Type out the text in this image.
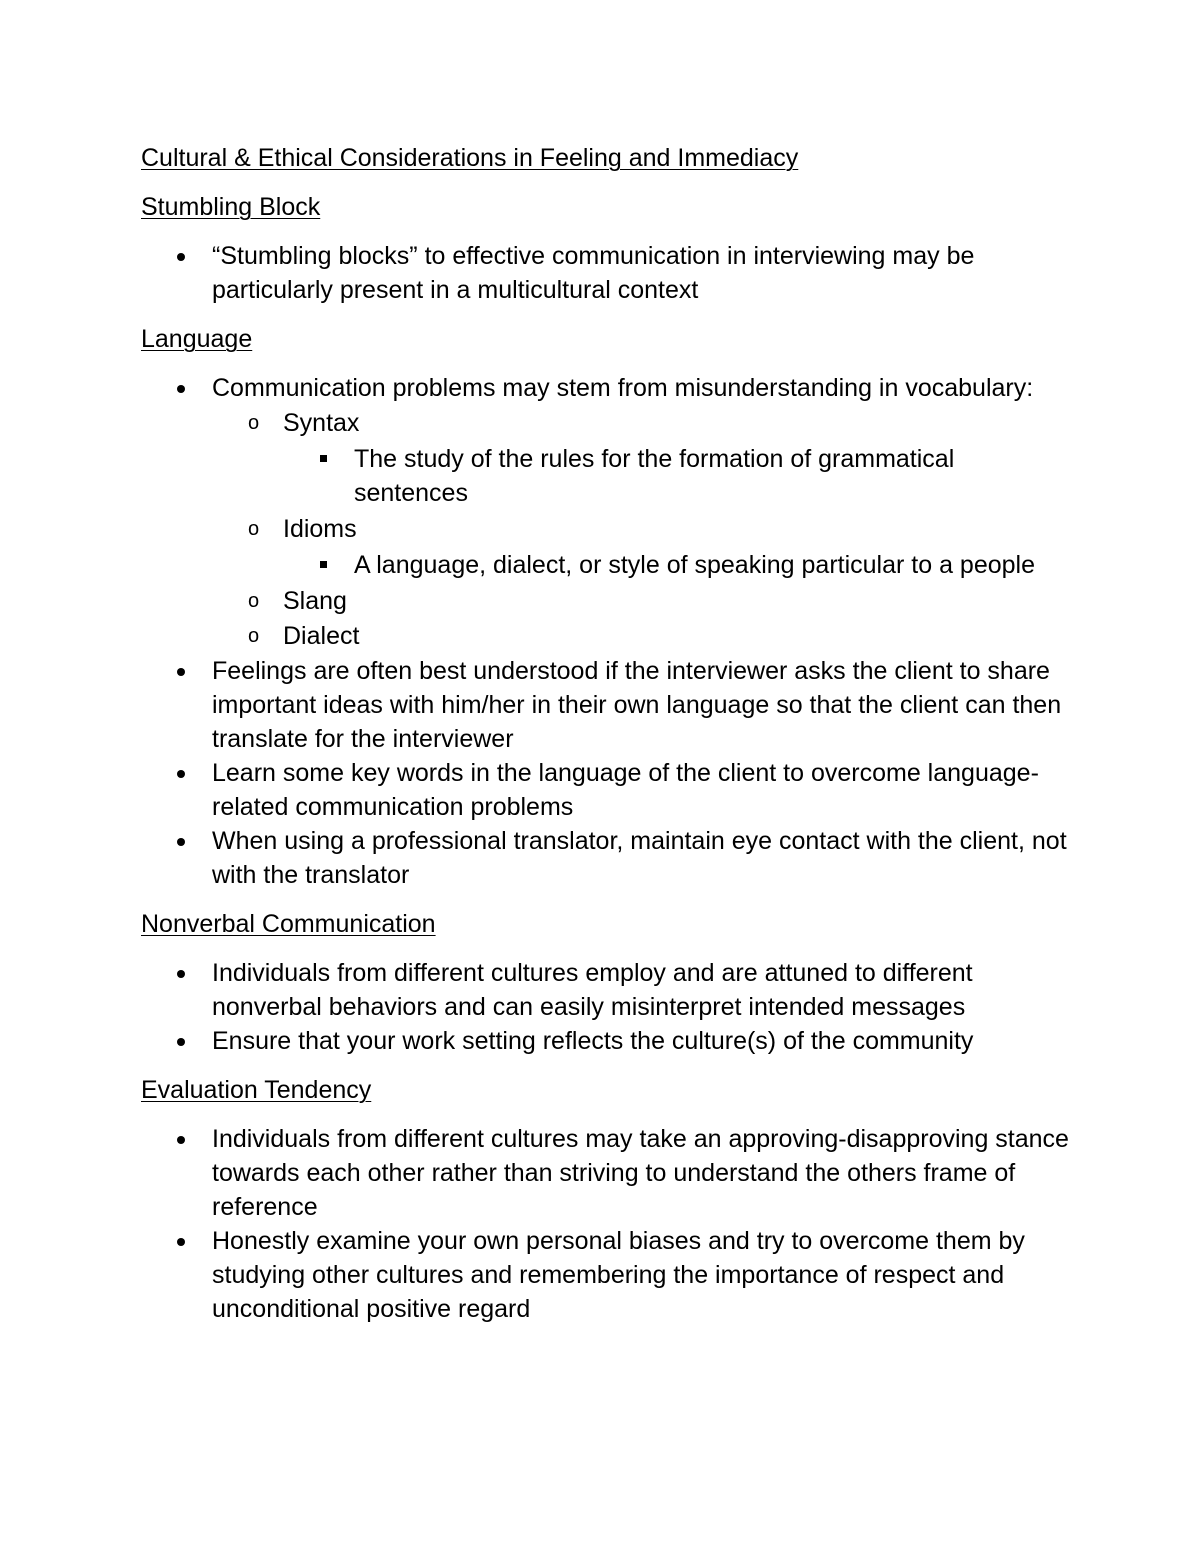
Cultural & Ethical Considerations in Feeling and Immediacy

Stumbling Block

“Stumbling blocks” to effective communication in interviewing may be particularly present in a multicultural context

Language

Communication problems may stem from misunderstanding in vocabulary:
o Syntax
The study of the rules for the formation of grammatical sentences
o Idioms
A language, dialect, or style of speaking particular to a people
o Slang
o Dialect
Feelings are often best understood if the interviewer asks the client to share important ideas with him/her in their own language so that the client can then translate for the interviewer
Learn some key words in the language of the client to overcome language-related communication problems
When using a professional translator, maintain eye contact with the client, not with the translator

Nonverbal Communication

Individuals from different cultures employ and are attuned to different nonverbal behaviors and can easily misinterpret intended messages
Ensure that your work setting reflects the culture(s) of the community

Evaluation Tendency

Individuals from different cultures may take an approving-disapproving stance towards each other rather than striving to understand the others frame of reference
Honestly examine your own personal biases and try to overcome them by studying other cultures and remembering the importance of respect and unconditional positive regard
